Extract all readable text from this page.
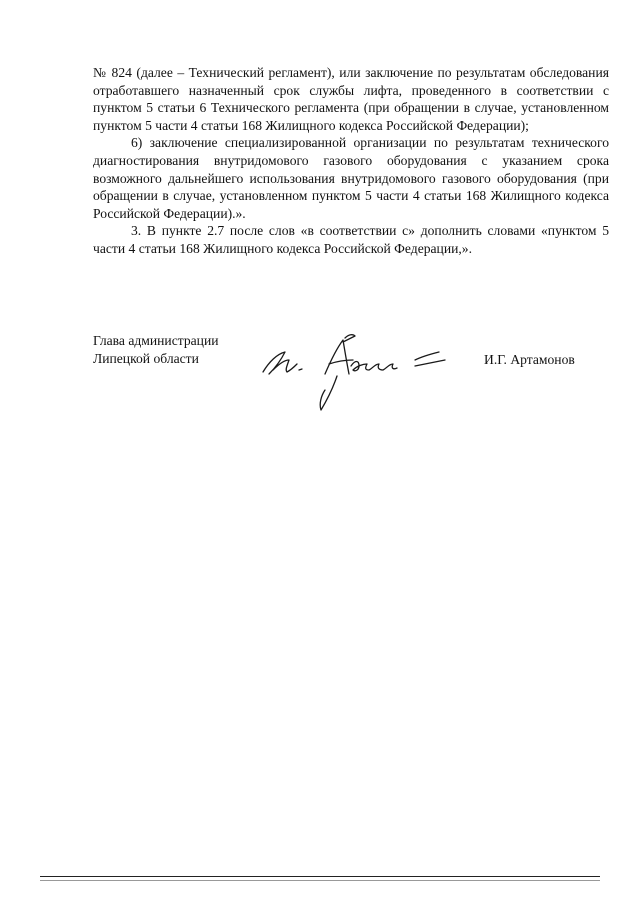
№ 824 (далее – Технический регламент), или заключение по результатам обследования отработавшего назначенный срок службы лифта, проведенного в соответствии с пунктом 5 статьи 6 Технического регламента (при обращении в случае, установленном пунктом 5 части 4 статьи 168 Жилищного кодекса Российской Федерации);

6) заключение специализированной организации по результатам технического диагностирования внутридомового газового оборудования с указанием срока возможного дальнейшего использования внутридомового газового оборудования (при обращении в случае, установленном пунктом 5 части 4 статьи 168 Жилищного кодекса Российской Федерации).».

3. В пункте 2.7 после слов «в соответствии с» дополнить словами «пунктом 5 части 4 статьи 168 Жилищного кодекса Российской Федерации,».

Глава администрации
Липецкой области	И.Г. Артамонов
